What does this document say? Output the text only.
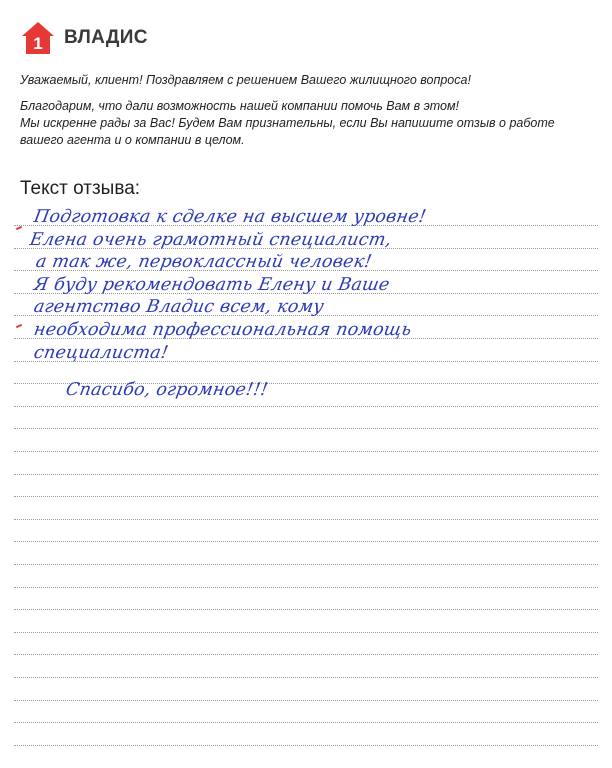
1 ВЛАДИС

Уважаемый, клиент! Поздравляем с решением Вашего жилищного вопроса!

Благодарим, что дали возможность нашей компании помочь Вам в этом!
Мы искренне рады за Вас! Будем Вам признательны, если Вы напишите отзыв о работе
вашего агента и о компании в целом.

Текст отзыва:
Подготовка к сделке на высшем уровне!
Елена очень грамотный специалист,
а так же, первоклассный человек!
Я буду рекомендовать Елену и Ваше
агентство Владис всем, кому
необходима профессиональная помощь
специалиста!
Спасибо, огромное!!!
